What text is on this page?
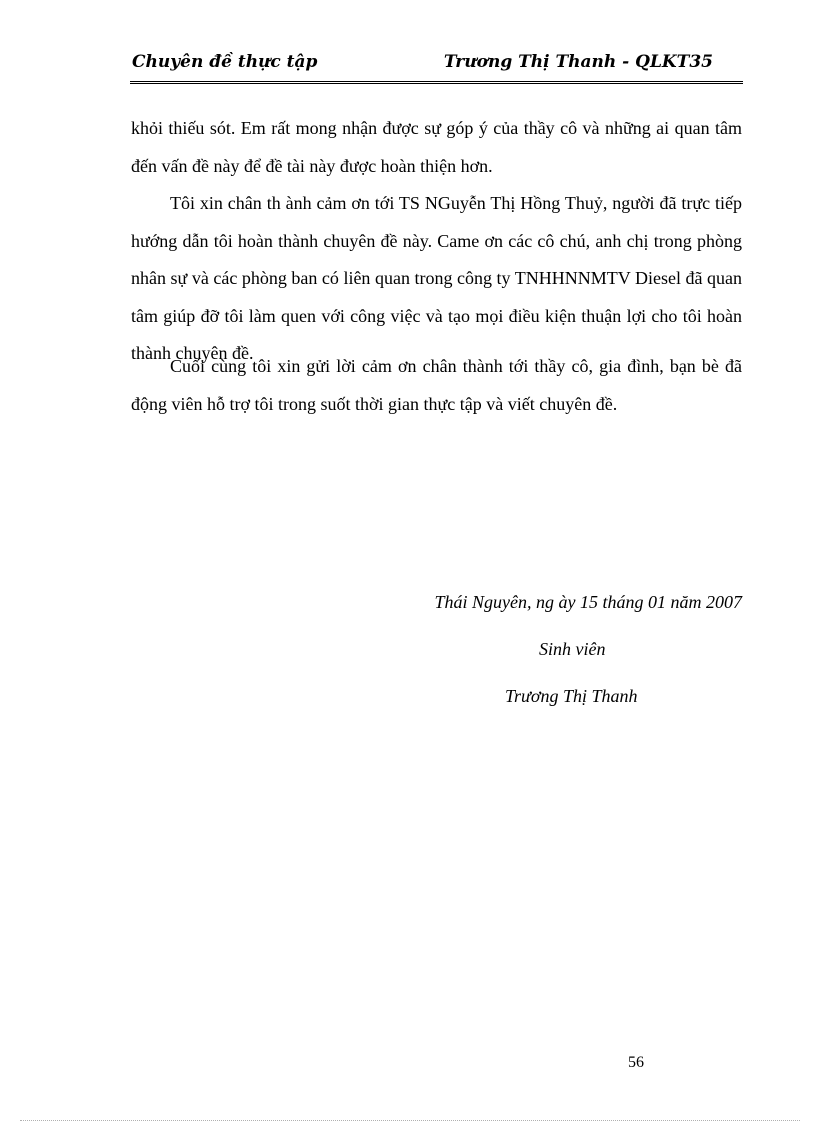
Chuyên đề thực tập	Trương Thị Thanh - QLKT35

khỏi thiếu sót. Em rất mong nhận được sự góp ý của thầy cô và những ai quan tâm đến vấn đề này để đề tài này được hoàn thiện hơn.

Tôi xin chân th ành cảm ơn tới TS NGuyễn Thị Hồng Thuỷ, người đã trực tiếp hướng dẫn tôi hoàn thành chuyên đề này. Came ơn các cô chú, anh chị trong phòng nhân sự và các phòng ban có liên quan trong công ty TNHHNNMTV Diesel đã quan tâm giúp đỡ tôi làm quen với công việc và tạo mọi điều kiện thuận lợi cho tôi hoàn thành chuyên đề.

Cuối cùng tôi xin gửi lời cảm ơn chân thành tới thầy cô, gia đình, bạn bè đã động viên hỗ trợ tôi trong suốt thời gian thực tập và viết chuyên đề.

Thái Nguyên, ng ày 15 tháng 01 năm 2007
Sinh viên
Trương Thị Thanh
56
